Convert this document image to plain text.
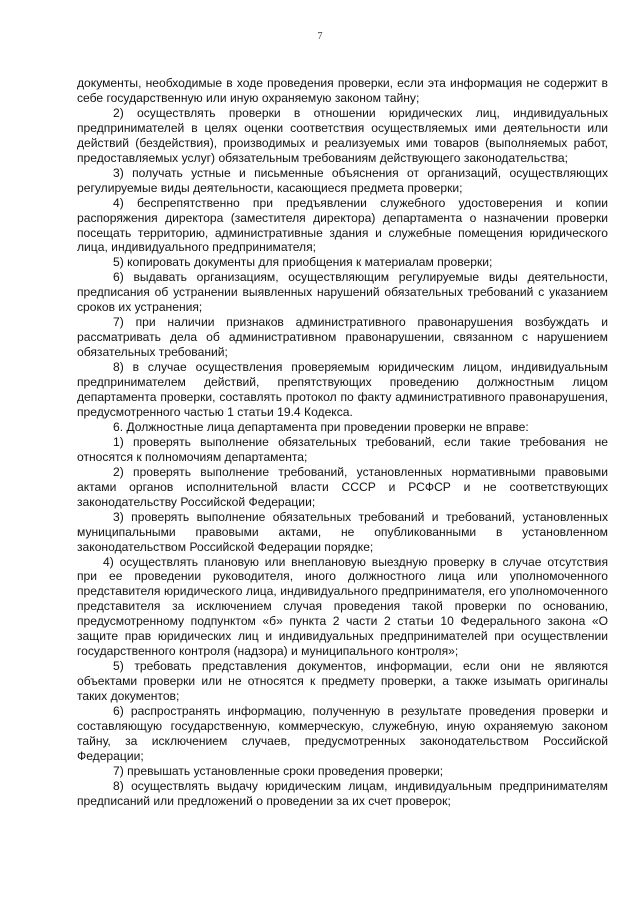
7

документы, необходимые в ходе проведения проверки, если эта информация не содержит в себе государственную или иную охраняемую законом тайну;

2) осуществлять проверки в отношении юридических лиц, индивидуальных предпринимателей в целях оценки соответствия осуществляемых ими деятельности или действий (бездействия), производимых и реализуемых ими товаров (выполняемых работ, предоставляемых услуг) обязательным требованиям действующего законодательства;

3) получать устные и письменные объяснения от организаций, осуществляющих регулируемые виды деятельности, касающиеся предмета проверки;

4) беспрепятственно при предъявлении служебного удостоверения и копии распоряжения директора (заместителя директора) департамента о назначении проверки посещать территорию, административные здания и служебные помещения юридического лица, индивидуального предпринимателя;

5) копировать документы для приобщения к материалам проверки;

6) выдавать организациям, осуществляющим регулируемые виды деятельности, предписания об устранении выявленных нарушений обязательных требований с указанием сроков их устранения;

7) при наличии признаков административного правонарушения возбуждать и рассматривать дела об административном правонарушении, связанном с нарушением обязательных требований;

8) в случае осуществления проверяемым юридическим лицом, индивидуальным предпринимателем действий, препятствующих проведению должностным лицом департамента проверки, составлять протокол по факту административного правонарушения, предусмотренного частью 1 статьи 19.4 Кодекса.

6. Должностные лица департамента при проведении проверки не вправе:

1) проверять выполнение обязательных требований, если такие требования не относятся к полномочиям департамента;

2) проверять выполнение требований, установленных нормативными правовыми актами органов исполнительной власти СССР и РСФСР и не соответствующих законодательству Российской Федерации;

3) проверять выполнение обязательных требований и требований, установленных муниципальными правовыми актами, не опубликованными в установленном законодательством Российской Федерации порядке;

4) осуществлять плановую или внеплановую выездную проверку в случае отсутствия при ее проведении руководителя, иного должностного лица или уполномоченного представителя юридического лица, индивидуального предпринимателя, его уполномоченного представителя за исключением случая проведения такой проверки по основанию, предусмотренному подпунктом «б» пункта 2 части 2 статьи 10 Федерального закона «О защите прав юридических лиц и индивидуальных предпринимателей при осуществлении государственного контроля (надзора) и муниципального контроля»;

5) требовать представления документов, информации, если они не являются объектами проверки или не относятся к предмету проверки, а также изымать оригиналы таких документов;

6) распространять информацию, полученную в результате проведения проверки и составляющую государственную, коммерческую, служебную, иную охраняемую законом тайну, за исключением случаев, предусмотренных законодательством Российской Федерации;

7) превышать установленные сроки проведения проверки;

8) осуществлять выдачу юридическим лицам, индивидуальным предпринимателям предписаний или предложений о проведении за их счет проверок;
